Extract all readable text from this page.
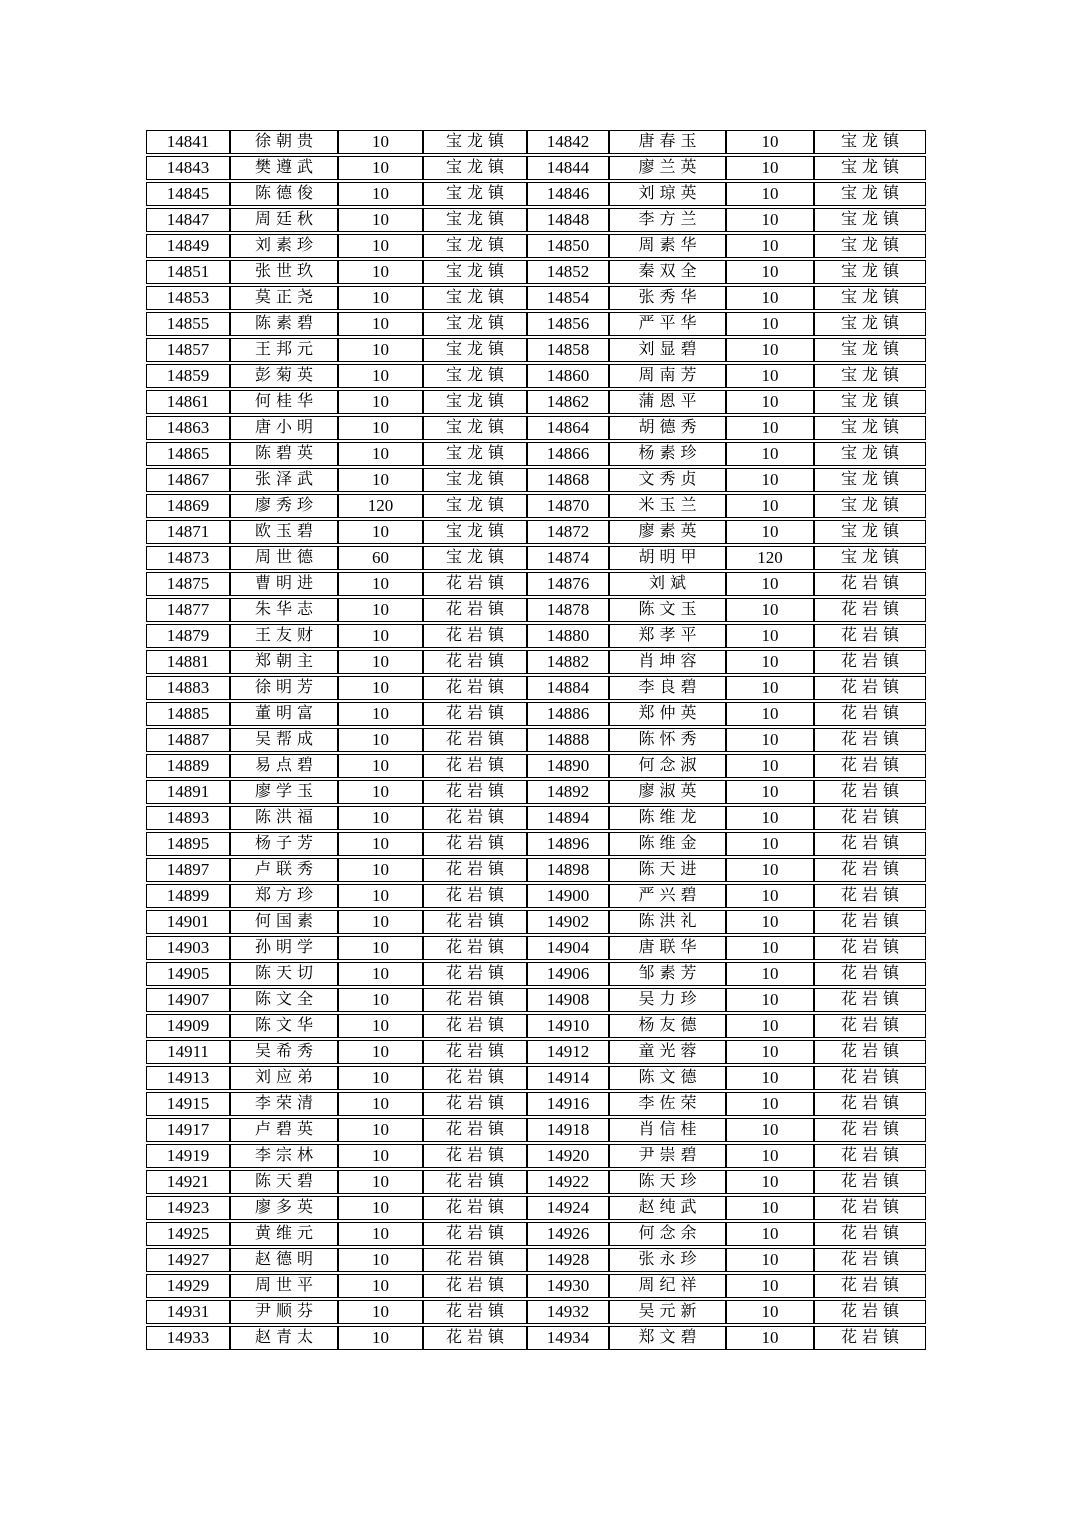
14841	徐朝贵	10	宝龙镇	14842	唐春玉	10	宝龙镇
14843	樊遵武	10	宝龙镇	14844	廖兰英	10	宝龙镇
14845	陈德俊	10	宝龙镇	14846	刘琼英	10	宝龙镇
14847	周廷秋	10	宝龙镇	14848	李方兰	10	宝龙镇
14849	刘素珍	10	宝龙镇	14850	周素华	10	宝龙镇
14851	张世玖	10	宝龙镇	14852	秦双全	10	宝龙镇
14853	莫正尧	10	宝龙镇	14854	张秀华	10	宝龙镇
14855	陈素碧	10	宝龙镇	14856	严平华	10	宝龙镇
14857	王邦元	10	宝龙镇	14858	刘显碧	10	宝龙镇
14859	彭菊英	10	宝龙镇	14860	周南芳	10	宝龙镇
14861	何桂华	10	宝龙镇	14862	蒲恩平	10	宝龙镇
14863	唐小明	10	宝龙镇	14864	胡德秀	10	宝龙镇
14865	陈碧英	10	宝龙镇	14866	杨素珍	10	宝龙镇
14867	张泽武	10	宝龙镇	14868	文秀贞	10	宝龙镇
14869	廖秀珍	120	宝龙镇	14870	米玉兰	10	宝龙镇
14871	欧玉碧	10	宝龙镇	14872	廖素英	10	宝龙镇
14873	周世德	60	宝龙镇	14874	胡明甲	120	宝龙镇
14875	曹明进	10	花岩镇	14876	刘斌	10	花岩镇
14877	朱华志	10	花岩镇	14878	陈文玉	10	花岩镇
14879	王友财	10	花岩镇	14880	郑孝平	10	花岩镇
14881	郑朝主	10	花岩镇	14882	肖坤容	10	花岩镇
14883	徐明芳	10	花岩镇	14884	李良碧	10	花岩镇
14885	董明富	10	花岩镇	14886	郑仲英	10	花岩镇
14887	吴帮成	10	花岩镇	14888	陈怀秀	10	花岩镇
14889	易点碧	10	花岩镇	14890	何念淑	10	花岩镇
14891	廖学玉	10	花岩镇	14892	廖淑英	10	花岩镇
14893	陈洪福	10	花岩镇	14894	陈维龙	10	花岩镇
14895	杨子芳	10	花岩镇	14896	陈维金	10	花岩镇
14897	卢联秀	10	花岩镇	14898	陈天进	10	花岩镇
14899	郑方珍	10	花岩镇	14900	严兴碧	10	花岩镇
14901	何国素	10	花岩镇	14902	陈洪礼	10	花岩镇
14903	孙明学	10	花岩镇	14904	唐联华	10	花岩镇
14905	陈天切	10	花岩镇	14906	邹素芳	10	花岩镇
14907	陈文全	10	花岩镇	14908	吴力珍	10	花岩镇
14909	陈文华	10	花岩镇	14910	杨友德	10	花岩镇
14911	吴希秀	10	花岩镇	14912	童光蓉	10	花岩镇
14913	刘应弟	10	花岩镇	14914	陈文德	10	花岩镇
14915	李荣清	10	花岩镇	14916	李佐荣	10	花岩镇
14917	卢碧英	10	花岩镇	14918	肖信桂	10	花岩镇
14919	李宗林	10	花岩镇	14920	尹崇碧	10	花岩镇
14921	陈天碧	10	花岩镇	14922	陈天珍	10	花岩镇
14923	廖多英	10	花岩镇	14924	赵纯武	10	花岩镇
14925	黄维元	10	花岩镇	14926	何念余	10	花岩镇
14927	赵德明	10	花岩镇	14928	张永珍	10	花岩镇
14929	周世平	10	花岩镇	14930	周纪祥	10	花岩镇
14931	尹顺芬	10	花岩镇	14932	吴元新	10	花岩镇
14933	赵青太	10	花岩镇	14934	郑文碧	10	花岩镇
